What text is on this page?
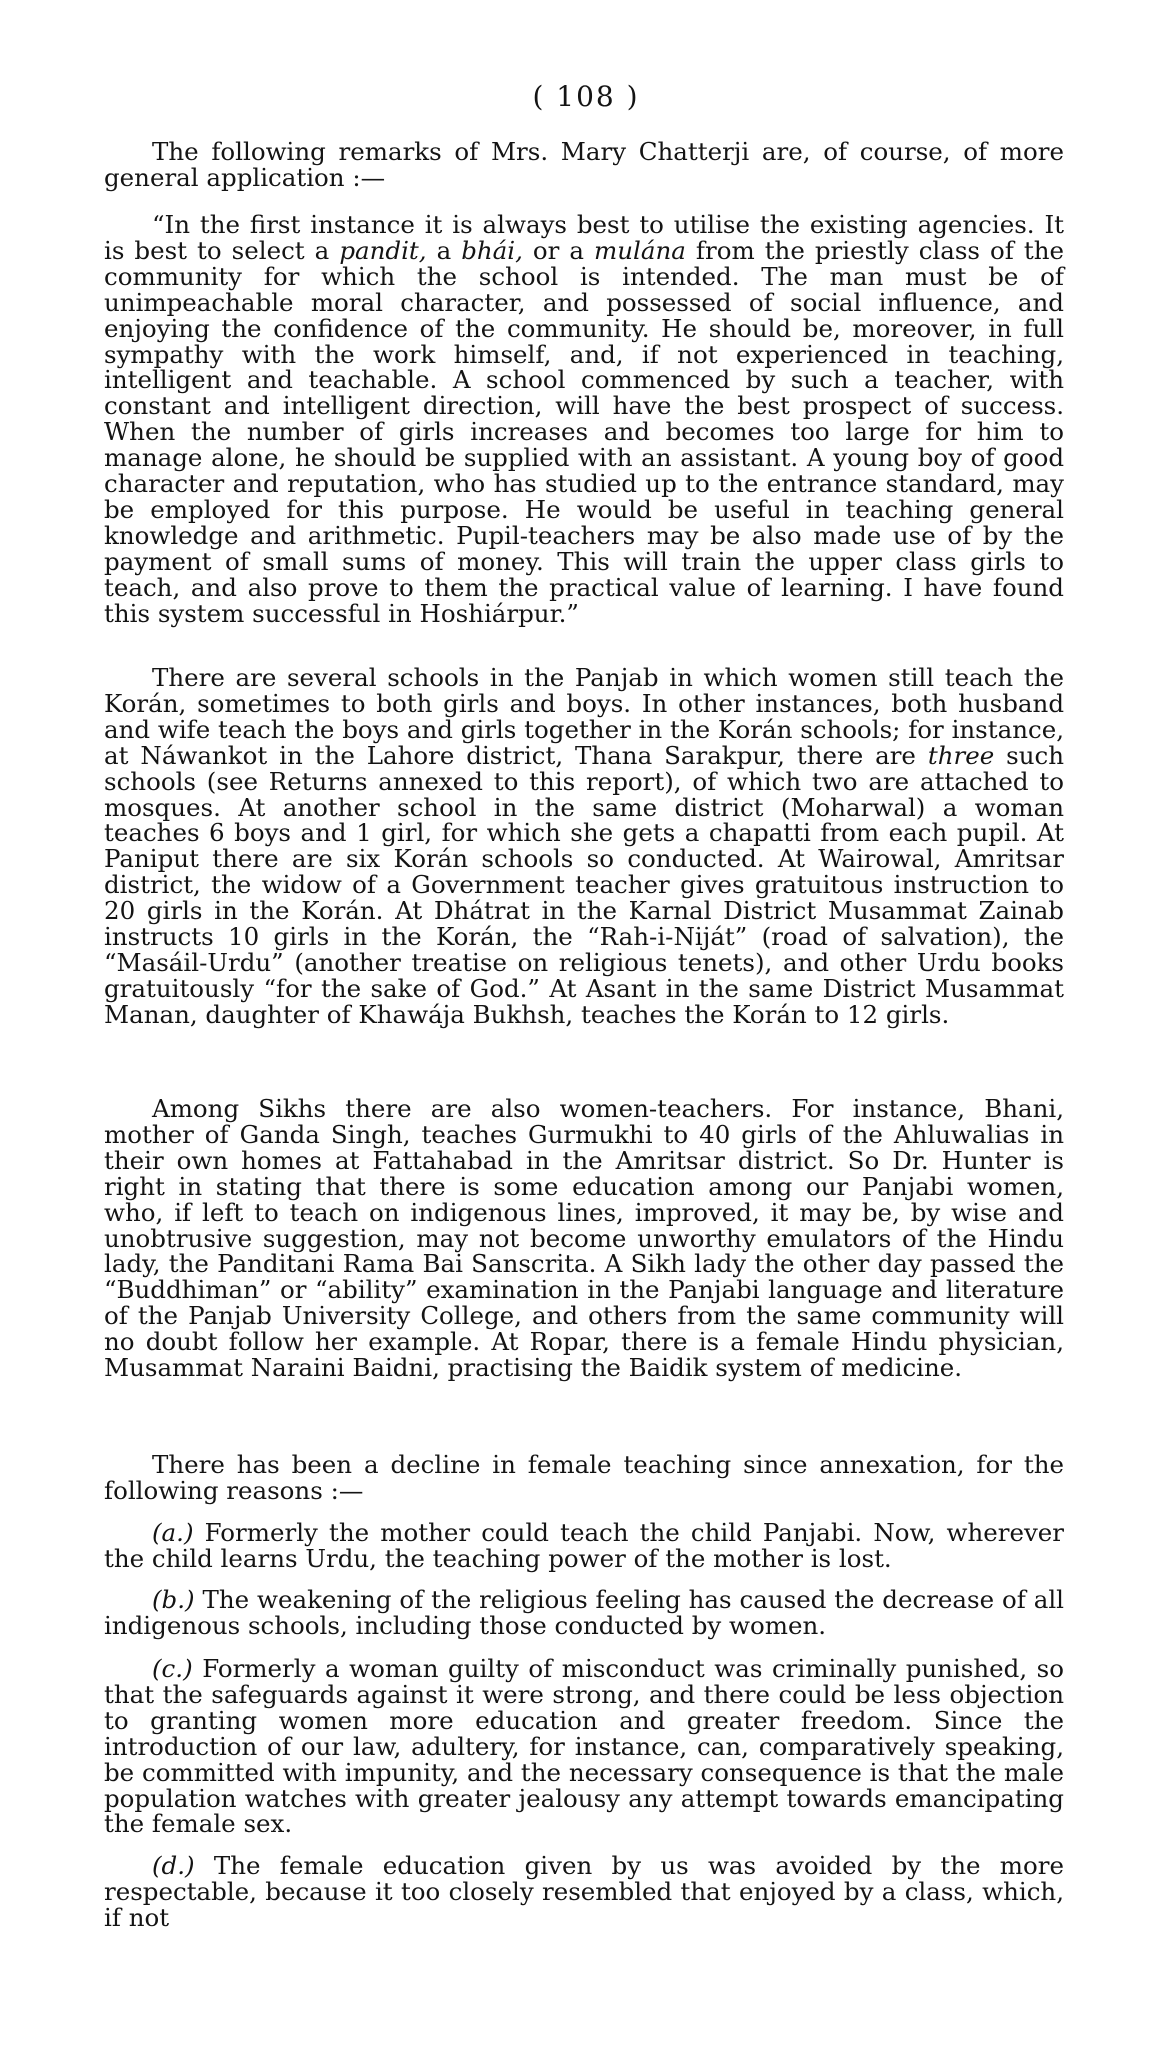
( 108 )

The following remarks of Mrs. Mary Chatterji are, of course, of more general application :—

“In the first instance it is always best to utilise the existing agencies. It is best to select a pandit, a bhái, or a mulána from the priestly class of the community for which the school is intended. The man must be of unimpeachable moral character, and possessed of social influence, and enjoying the confidence of the community. He should be, moreover, in full sympathy with the work himself, and, if not experienced in teaching, intelligent and teachable. A school commenced by such a teacher, with constant and intelligent direction, will have the best prospect of success. When the number of girls increases and becomes too large for him to manage alone, he should be supplied with an assistant. A young boy of good character and reputation, who has studied up to the entrance standard, may be employed for this purpose. He would be useful in teaching general knowledge and arithmetic. Pupil-teachers may be also made use of by the payment of small sums of money. This will train the upper class girls to teach, and also prove to them the practical value of learning. I have found this system successful in Hoshiárpur.”

There are several schools in the Panjab in which women still teach the Korán, sometimes to both girls and boys. In other instances, both husband and wife teach the boys and girls together in the Korán schools; for instance, at Náwankot in the Lahore district, Thana Sarakpur, there are three such schools (see Returns annexed to this report), of which two are attached to mosques. At another school in the same district (Moharwal) a woman teaches 6 boys and 1 girl, for which she gets a chapatti from each pupil. At Paniput there are six Korán schools so conducted. At Wairowal, Amritsar district, the widow of a Government teacher gives gratuitous instruction to 20 girls in the Korán. At Dhátrat in the Karnal District Musammat Zainab instructs 10 girls in the Korán, the “Rah-i-Niját” (road of salvation), the “Masáil-Urdu” (another treatise on religious tenets), and other Urdu books gratuitously “for the sake of God.” At Asant in the same District Musammat Manan, daughter of Khawája Bukhsh, teaches the Korán to 12 girls.

Among Sikhs there are also women-teachers. For instance, Bhani, mother of Ganda Singh, teaches Gurmukhi to 40 girls of the Ahluwalias in their own homes at Fattahabad in the Amritsar district. So Dr. Hunter is right in stating that there is some education among our Panjabi women, who, if left to teach on indigenous lines, improved, it may be, by wise and unobtrusive suggestion, may not become unworthy emulators of the Hindu lady, the Panditani Rama Bai Sanscrita. A Sikh lady the other day passed the “Buddhiman” or “ability” examination in the Panjabi language and literature of the Panjab University College, and others from the same community will no doubt follow her example. At Ropar, there is a female Hindu physician, Musammat Naraini Baidni, practising the Baidik system of medicine.

There has been a decline in female teaching since annexation, for the following reasons :—

(a.) Formerly the mother could teach the child Panjabi. Now, wherever the child learns Urdu, the teaching power of the mother is lost.

(b.) The weakening of the religious feeling has caused the decrease of all indigenous schools, including those conducted by women.

(c.) Formerly a woman guilty of misconduct was criminally punished, so that the safeguards against it were strong, and there could be less objection to granting women more education and greater freedom. Since the introduction of our law, adultery, for instance, can, comparatively speaking, be committed with impunity, and the necessary consequence is that the male population watches with greater jealousy any attempt towards emancipating the female sex.

(d.) The female education given by us was avoided by the more respectable, because it too closely resembled that enjoyed by a class, which, if not
